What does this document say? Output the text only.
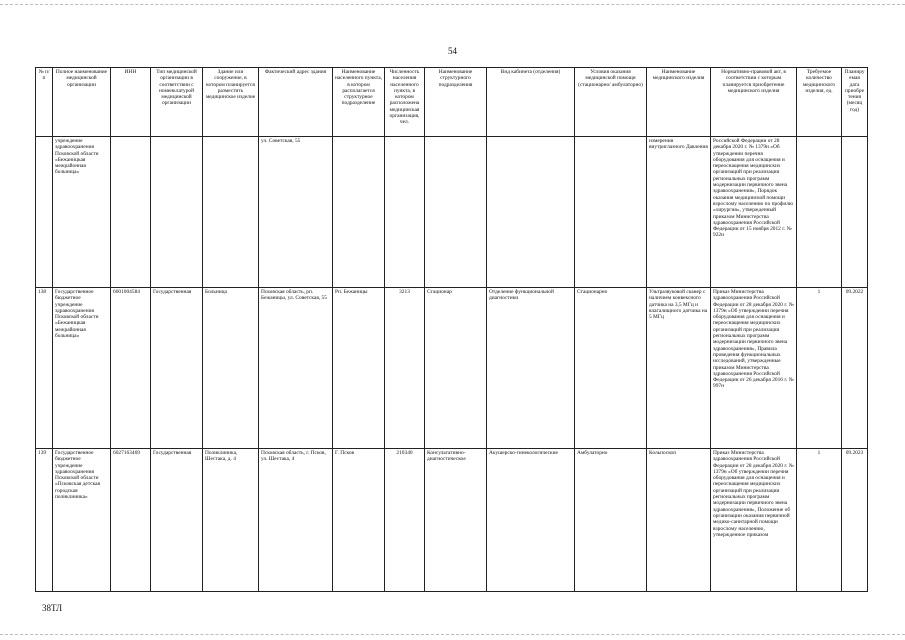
54
№ п/п	Полное наименование медицинской организации	ИНН	Тип медицинской организации в соответствии с номенклатурой медицинской организации	Здание или сооружение, в котором планируется разместить медицинское изделие	Фактический адрес здания	Наименование населенного пункта, в котором располагается структурное подразделение	Численность населения населенного пункта, в котором расположена медицинская организация, чел.	Наименование структурного подразделения	Вид кабинета (отделения)	Условия оказания медицинской помощи (стационарно/ амбулаторно)	Наименование медицинского изделия	Нормативно-правовой акт, в соответствии с которым планируется приобретение медицинского изделия	Требуемое количество медицинского изделия, ед.	Планируемая дата приобретения (месяц год)
	учреждение здравоохранения Псковской области «Бежаницкая межрайонная больница»				ул. Советская, 55						измерения внутриглазного Давления	Российской Федерации от 28 декабря 2020 г. № 1379н «Об утверждении перечня оборудования для оснащения и переоснащения медицинских организаций при реализации региональных программ модернизации первичного звена здравоохранения», Порядок оказания медицинской помощи взрослому населению по профилю «хирургия», утвержденный приказом Министерства здравоохранения Российской Федерации от 15 ноября 2012 г. № 922н		
138	Государственное бюджетное учреждение здравоохранения Псковской области «Бежаницкая межрайонная больница»	6001004584	Государственная	Больница	Псковская область, рп. Бежаницы, ул. Советская, 55	Рп. Бежаницы	3213	Стационар	Отделение функциональной диагностики	Стационарно	Ультразвуковой сканер с наличием конвексного датчика на 3,5 МГц и влагалищного датчика на 5 МГц	Приказ Министерства здравоохранения Российской Федерации от 28 декабря 2020 г. № 1379н «Об утверждении перечня оборудования для оснащения и переоснащения медицинских организаций при реализации региональных программ модернизации первичного звена здравоохранения», Правила проведения функциональных исследований, утвержденные приказом Министерства здравоохранения Российской Федерации от 26 декабря 2016 г. № 997н	1	09.2022
139	Государственное бюджетное учреждение здравоохранения Псковской области «Псковская детская городская поликлиника»	6027163469	Государственная	Поликлиника, Шестака, д. 4	Псковская область, г. Псков, ул. Шестака, 4	Г. Псков	210340	Консультативно-диагностическое	Акушерско-гинекологические	Амбулаторно	Кольпоскоп	Приказ Министерства здравоохранения Российской Федерации от 28 декабря 2020 г. № 1379н «Об утверждении перечня оборудования для оснащения и переоснащения медицинских организаций при реализации региональных программ модернизации первичного звена здравоохранения», Положение об организации оказания первичной медико-санитарной помощи взрослому населению, утвержденное приказом	1	09.2023
38ТЛ
